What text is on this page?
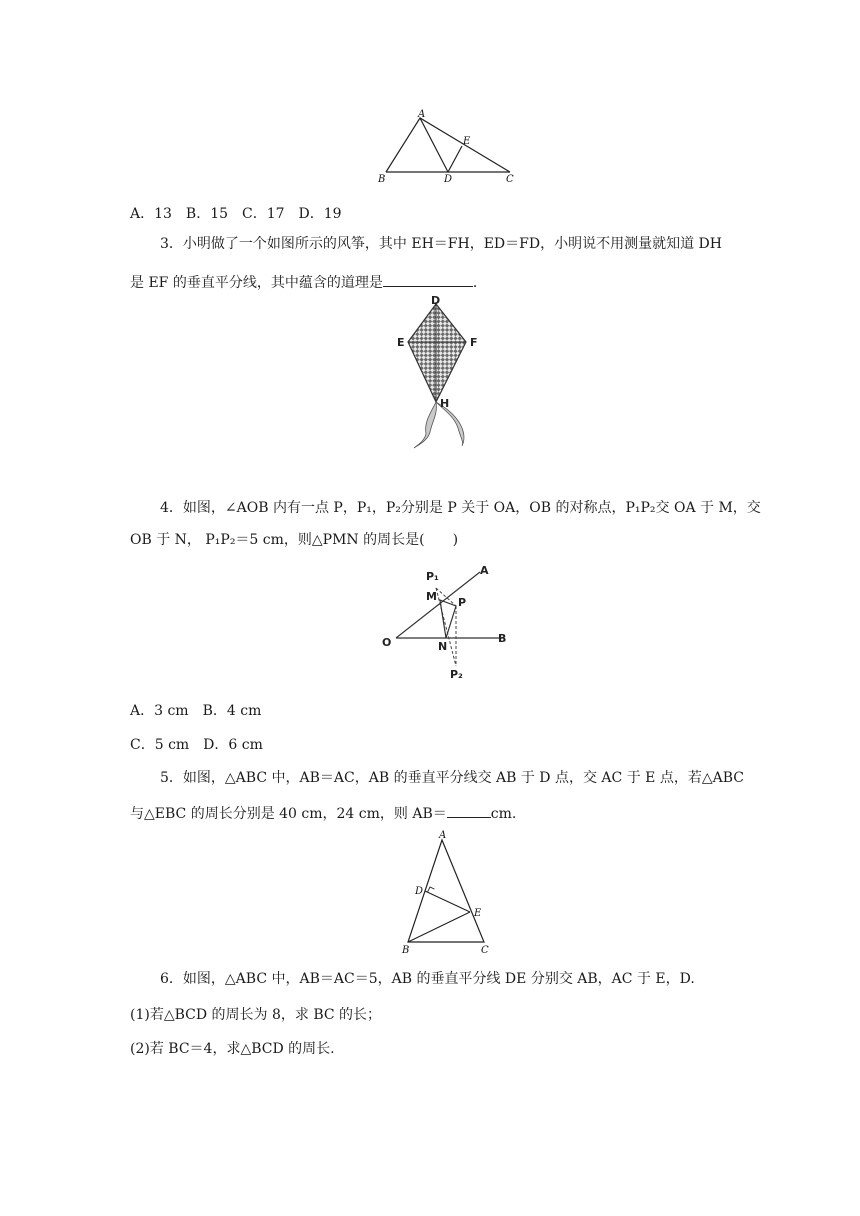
A
B	C
D
E
A．13　B．15　C．17　D．19
3．小明做了一个如图所示的风筝，其中 EH＝FH，ED＝FD，小明说不用测量就知道 DH
是 EF 的垂直平分线，其中蕴含的道理是	．
D
E	F
H
4．如图，∠AOB 内有一点 P，P₁，P₂分别是 P 关于 OA，OB 的对称点，P₁P₂交 OA 于 M，交
OB 于 N， P₁P₂＝5 cm，则△PMN 的周长是(　　)
P₁	A
M P
O	N
B
P₂
A．3 cm　B．4 cm
C．5 cm　D．6 cm
5．如图，△ABC 中，AB＝AC，AB 的垂直平分线交 AB 于 D 点，交 AC 于 E 点，若△ABC
与△EBC 的周长分别是 40 cm，24 cm，则 AB＝	cm.
A
D
E
B	C
6．如图，△ABC 中，AB＝AC＝5，AB 的垂直平分线 DE 分别交 AB，AC 于 E，D.
(1)若△BCD 的周长为 8，求 BC 的长；
(2)若 BC＝4，求△BCD 的周长.
